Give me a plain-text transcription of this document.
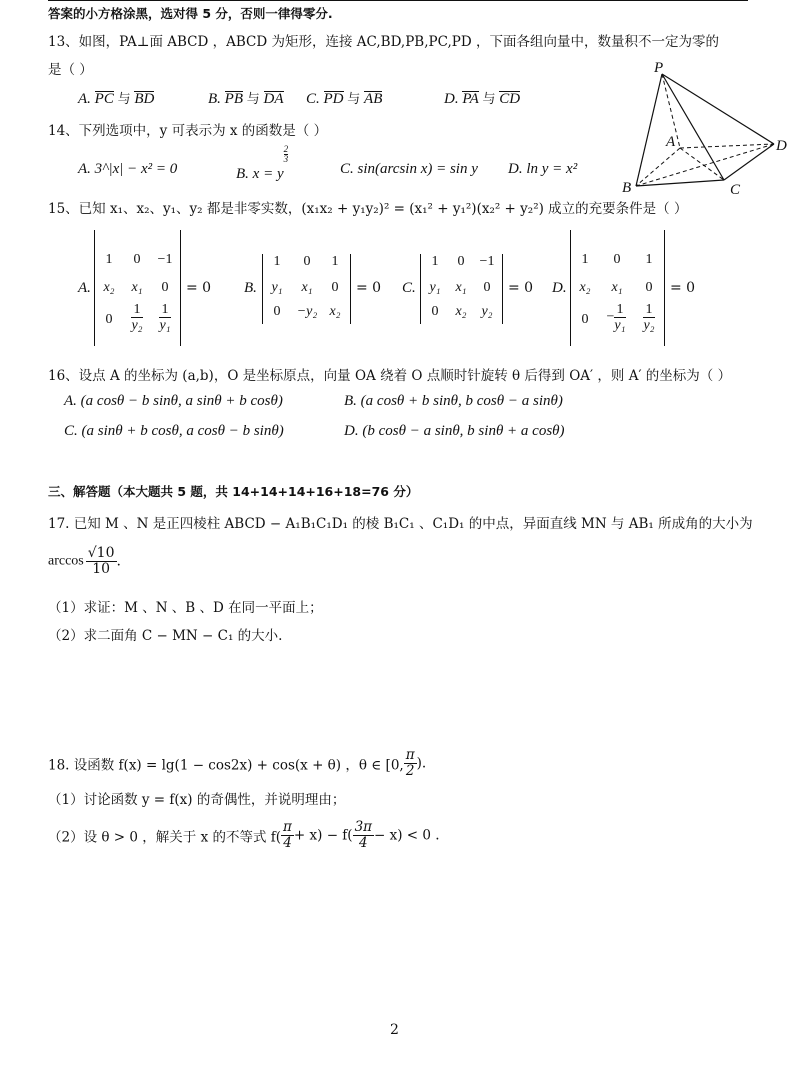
答案的小方格涂黑，选对得 5 分，否则一律得零分.
13、如图，PA⊥面 ABCD ，ABCD 为矩形，连接 AC,BD,PB,PC,PD ，下面各组向量中，数量积不一定为零的
是（ ）
A. PC 与 BD	B. PB 与 DA C. PD 与 AB	D. PA 与 CD
P
A
B	C
D
14、下列选项中，y 可表示为 x 的函数是（ ）
A. 3^|x| − x² = 0	B. x = y
$\frac{2}{3}$
C. sin(arcsin x) = sin y D. ln y = x²
15、已知 x₁、x₂、y₁、y₂ 都是非零实数，(x₁x₂ + y₁y₂)² = (x₁² + y₁²)(x₂² + y₂²) 成立的充要条件是（ ）
A.
1	0	−1
x₂	x₁	0
0	$\frac{1}{\text{y₂}} \frac{1}{\text{y₁}}$
= 0 B.
1	0	1
y₁	x₁	0
0	−y₂ x₂
= 0 C.
1	0	−1
y₁	x₁	0
0	x₂	y₂
= 0 D.
1	0	1
x₂	x₁	0
0	− $\frac{1}{\text{y₁}} \frac{1}{\text{y₂}}$
= 0
16、设点 A 的坐标为 (a,b)，O 是坐标原点，向量 OA 绕着 O 点顺时针旋转 θ 后得到 OA′ ，则 A′ 的坐标为（ ）
A. (a cosθ − b sinθ, a sinθ + b cosθ)	B. (a cosθ + b sinθ, b cosθ − a sinθ)
C. (a sinθ + b cosθ, a cosθ − b sinθ)	D. (b cosθ − a sinθ, b sinθ + a cosθ)
三、解答题（本大题共 5 题，共 14+14+14+16+18=76 分）
17. 已知 M 、N 是正四棱柱 ABCD − A₁B₁C₁D₁ 的棱 B₁C₁ 、C₁D₁ 的中点，异面直线 MN 与 AB₁ 所成角的大小为
$\arccos \frac{√10}{10}$ .
（1）求证：M 、N 、B 、D 在同一平面上；
（2）求二面角 C − MN − C₁ 的大小.
18. 设函数 f(x) = lg(1 − cos2x) + cos(x + θ) ，θ ∈ [0, $\frac{\pi}{2}$ ).
（1）讨论函数 y = f(x) 的奇偶性，并说明理由；
（2）设 θ > 0 ，解关于 x 的不等式 $f( \frac{\pi}{4} + x) - f( \frac{3\pi}{4} - x) < 0$ .
2
